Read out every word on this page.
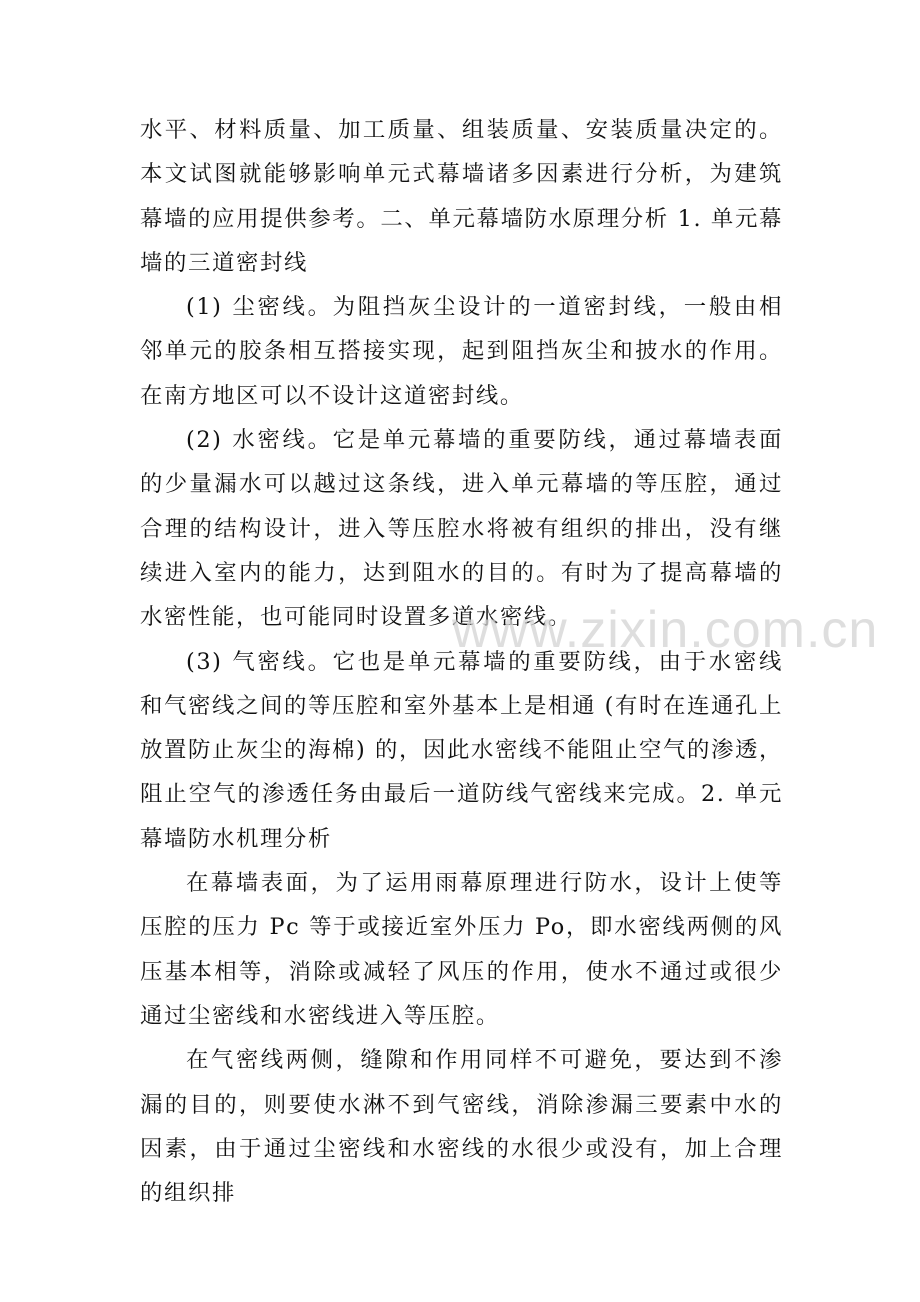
水平、材料质量、加工质量、组装质量、安装质量决定的。本文试图就能够影响单元式幕墙诸多因素进行分析，为建筑幕墙的应用提供参考。二、单元幕墙防水原理分析 1. 单元幕墙的三道密封线

(1) 尘密线。为阻挡灰尘设计的一道密封线，一般由相邻单元的胶条相互搭接实现，起到阻挡灰尘和披水的作用。在南方地区可以不设计这道密封线。

(2) 水密线。它是单元幕墙的重要防线，通过幕墙表面的少量漏水可以越过这条线，进入单元幕墙的等压腔，通过合理的结构设计，进入等压腔水将被有组织的排出，没有继续进入室内的能力，达到阻水的目的。有时为了提高幕墙的水密性能，也可能同时设置多道水密线。

(3) 气密线。它也是单元幕墙的重要防线，由于水密线和气密线之间的等压腔和室外基本上是相通 (有时在连通孔上放置防止灰尘的海棉) 的，因此水密线不能阻止空气的渗透，阻止空气的渗透任务由最后一道防线气密线来完成。2. 单元幕墙防水机理分析

在幕墙表面，为了运用雨幕原理进行防水，设计上使等压腔的压力 Pc 等于或接近室外压力 Po，即水密线两侧的风压基本相等，消除或减轻了风压的作用，使水不通过或很少通过尘密线和水密线进入等压腔。

在气密线两侧，缝隙和作用同样不可避免，要达到不渗漏的目的，则要使水淋不到气密线，消除渗漏三要素中水的因素，由于通过尘密线和水密线的水很少或没有，加上合理的组织排

www.zixin.com.cn
